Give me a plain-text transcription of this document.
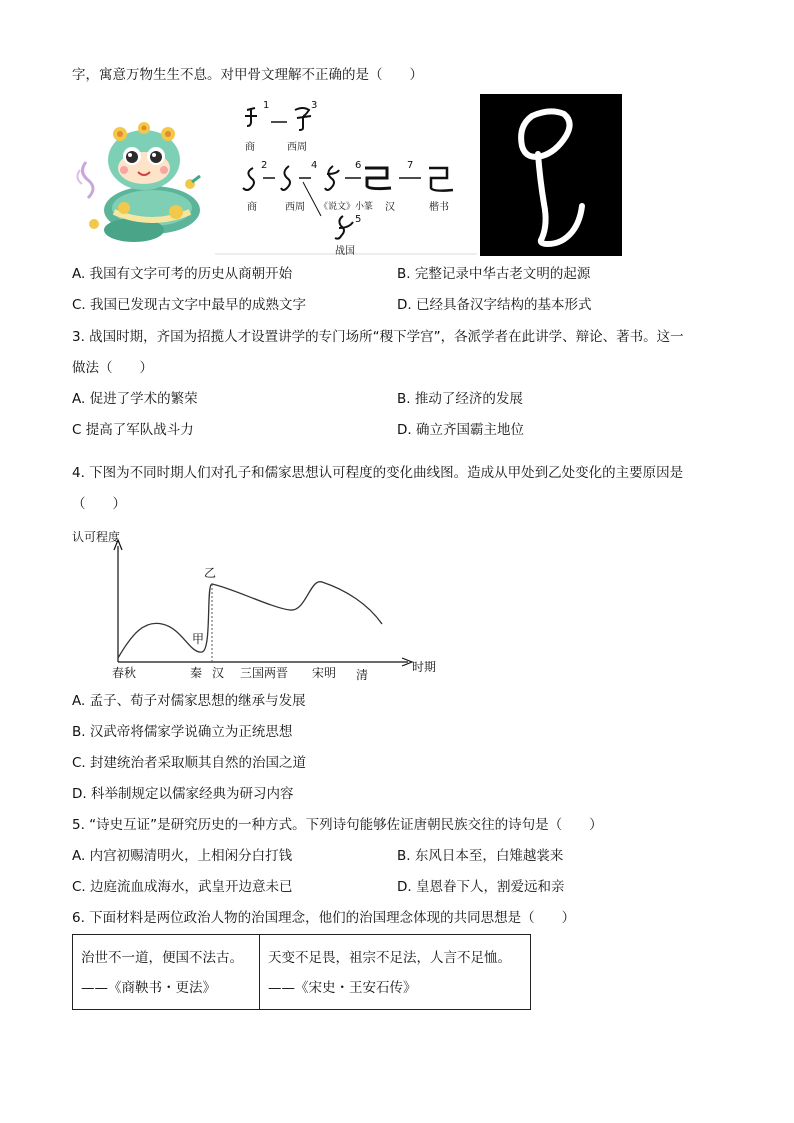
字，寓意万物生生不息。对甲骨文理解不正确的是（　　）
1	3
商	西周
2	4	6	7
商	西周 《说文》小篆 汉	楷书
5
战国
A. 我国有文字可考的历史从商朝开始	B. 完整记录中华古老文明的起源
C. 我国已发现古文字中最早的成熟文字	D. 已经具备汉字结构的基本形式
3. 战国时期，齐国为招揽人才设置讲学的专门场所“稷下学宫”，各派学者在此讲学、辩论、著书。这一
做法（　　）
A. 促进了学术的繁荣	B. 推动了经济的发展
C 提高了军队战斗力	D. 确立齐国霸主地位
4. 下图为不同时期人们对孔子和儒家思想认可程度的变化曲线图。造成从甲处到乙处变化的主要原因是
（　　）
认可程度
时期
乙
甲
春秋	秦 汉 三国两晋 宋明 清
A. 孟子、荀子对儒家思想的继承与发展
B. 汉武帝将儒家学说确立为正统思想
C. 封建统治者采取顺其自然的治国之道
D. 科举制规定以儒家经典为研习内容
5. “诗史互证”是研究历史的一种方式。下列诗句能够佐证唐朝民族交往的诗句是（　　）
A. 内宫初赐清明火，上相闲分白打钱	B. 东风日本至，白雉越裳来
C. 边庭流血成海水，武皇开边意未已	D. 皇恩眷下人，割爱远和亲
6. 下面材料是两位政治人物的治国理念，他们的治国理念体现的共同思想是（　　）
治世不一道，便国不法古。
——《商鞅书・更法》

天变不足畏，祖宗不足法，人言不足恤。
——《宋史・王安石传》
